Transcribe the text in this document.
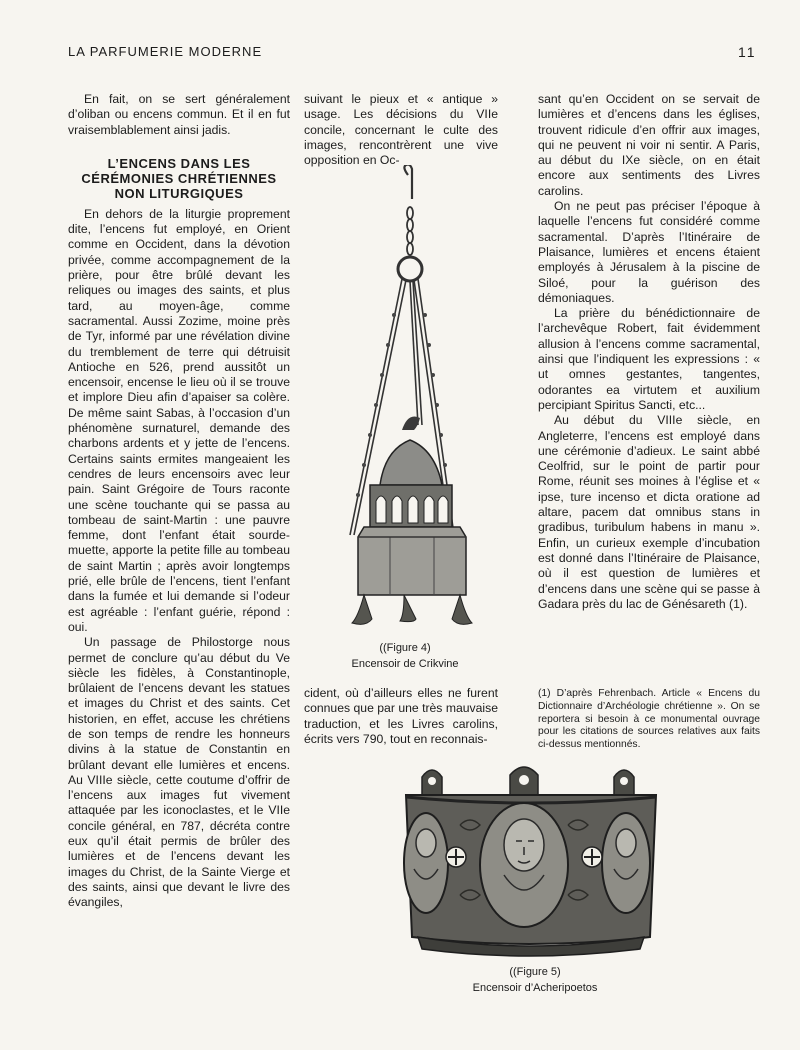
LA PARFUMERIE MODERNE	11

En fait, on se sert généralement d’oliban ou encens commun. Et il en fut vraisemblablement ainsi jadis.

L’ENCENS DANS LES CÉRÉMONIES CHRÉTIENNES NON LITURGIQUES

En dehors de la liturgie proprement dite, l’encens fut employé, en Orient comme en Occident, dans la dévotion privée, comme accompagnement de la prière, pour être brûlé devant les reliques ou images des saints, et plus tard, au moyen-âge, comme sacramental. Aussi Zozime, moine près de Tyr, informé par une révélation divine du tremblement de terre qui détruisit Antioche en 526, prend aussitôt un encensoir, encense le lieu où il se trouve et implore Dieu afin d’apaiser sa colère. De même saint Sabas, à l’occasion d’un phénomène surnaturel, demande des charbons ardents et y jette de l’encens. Certains saints ermites mangeaient les cendres de leurs encensoirs avec leur pain. Saint Grégoire de Tours raconte une scène touchante qui se passa au tombeau de saint-Martin : une pauvre femme, dont l’enfant était sourde-muette, apporte la petite fille au tombeau de saint Martin ; après avoir longtemps prié, elle brûle de l’encens, tient l’enfant dans la fumée et lui demande si l’odeur est agréable : l’enfant guérie, répond : oui.

Un passage de Philostorge nous permet de conclure qu’au début du Ve siècle les fidèles, à Constantinople, brûlaient de l’encens devant les statues et images du Christ et des saints. Cet historien, en effet, accuse les chrétiens de son temps de rendre les honneurs divins à la statue de Constantin en brûlant devant elle lumières et encens. Au VIIIe siècle, cette coutume d’offrir de l’encens aux images fut vivement attaquée par les iconoclastes, et le VIIe concile général, en 787, décréta contre eux qu’il était permis de brûler des lumières et de l’encens devant les images du Christ, de la Sainte Vierge et des saints, ainsi que devant le livre des évangiles,

suivant le pieux et « antique » usage. Les décisions du VIIe concile, concernant le culte des images, rencontrèrent une vive opposition en Oc-

((Figure 4)
Encensoir de Crikvine

cident, où d’ailleurs elles ne furent connues que par une très mauvaise traduction, et les Livres carolins, écrits vers 790, tout en reconnais-

sant qu’en Occident on se servait de lumières et d’encens dans les églises, trouvent ridicule d’en offrir aux images, qui ne peuvent ni voir ni sentir. A Paris, au début du IXe siècle, on en était encore aux sentiments des Livres carolins.

On ne peut pas préciser l’époque à laquelle l’encens fut considéré comme sacramental. D’après l’Itinéraire de Plaisance, lumières et encens étaient employés à Jérusalem à la piscine de Siloé, pour la guérison des démoniaques.

La prière du bénédictionnaire de l’archevêque Robert, fait évidemment allusion à l’encens comme sacramental, ainsi que l’indiquent les expressions : « ut omnes gestantes, tangentes, odorantes ea virtutem et auxilium percipiant Spiritus Sancti, etc...

Au début du VIIIe siècle, en Angleterre, l’encens est employé dans une cérémonie d’adieux. Le saint abbé Ceolfrid, sur le point de partir pour Rome, réunit ses moines à l’église et « ipse, ture incenso et dicta oratione ad altare, pacem dat omnibus stans in gradibus, turibulum habens in manu ». Enfin, un curieux exemple d’incubation est donné dans l’Itinéraire de Plaisance, où il est question de lumières et d’encens dans une scène qui se passe à Gadara près du lac de Génésareth (1).

(1) D’après Fehrenbach. Article « Encens du Dictionnaire d’Archéologie chrétienne ». On se reportera si besoin à ce monumental ouvrage pour les citations de sources relatives aux faits ci-dessus mentionnés.

((Figure 5)
Encensoir d’Acheripoetos
